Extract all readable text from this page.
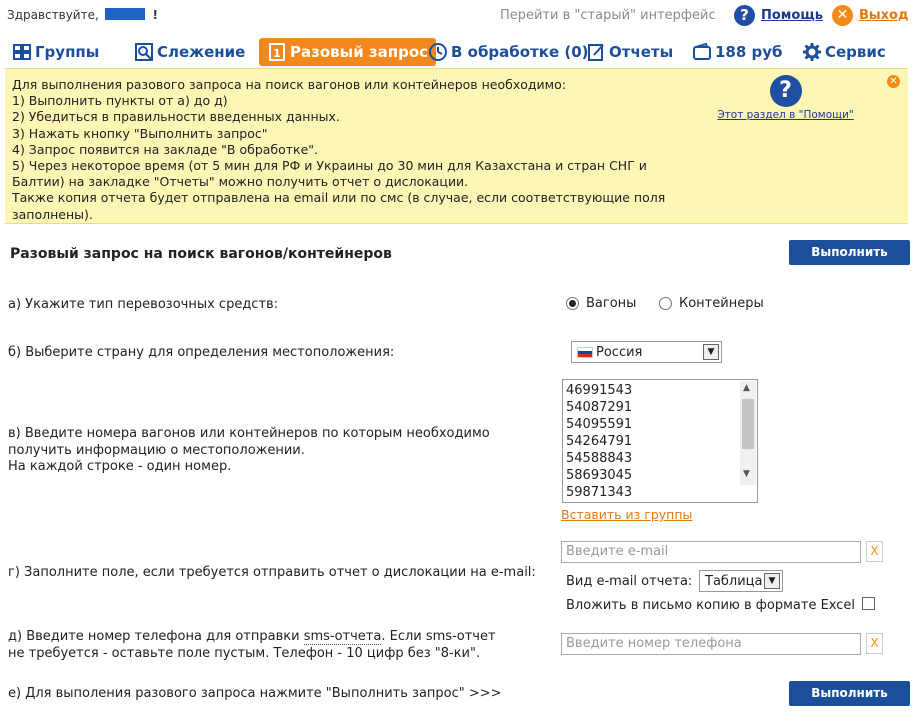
Здравствуйте,	!	Перейти в "старый" интерфейс	? Помощь ✕ Выход
Группы	Слежение	1 Разовый запрос В обработке (0) Отчеты	188 руб	Сервис
Для выполнения разового запроса на поиск вагонов или контейнеров необходимо:
1) Выполнить пункты от а) до д)
2) Убедиться в правильности введенных данных.
3) Нажать кнопку "Выполнить запрос"
4) Запрос появится на закладе "В обработке".
5) Через некоторое время (от 5 мин для РФ и Украины до 30 мин для Казахстана и стран СНГ и
Балтии) на закладке "Отчеты" можно получить отчет о дислокации.
Также копия отчета будет отправлена на email или по смс (в случае, если соответствующие поля
заполнены).
?
Этот раздел в "Помощи"
✕
Разовый запрос на поиск вагонов/контейнеров	Выполнить запрос
а) Укажите тип перевозочных средств:	Вагоны	Контейнеры
б) Выберите страну для определения местоположения:	Россия	▼
в) Введите номера вагонов или контейнеров по которым необходимо
получить информацию о местоположении.
На каждой строке - один номер.
46991543
54087291
54095591
54264791
54588843
58693045
59871343
▲
▼
Вставить из группы
г) Заполните поле, если требуется отправить отчет о дислокации на e-mail:
Введите e-mail	X
Вид e-mail отчета: Таблица ▼
Вложить в письмо копию в формате Excel
д) Введите номер телефона для отправки sms-отчета. Если sms-отчет
не требуется - оставьте поле пустым. Телефон - 10 цифр без "8-ки".
Введите номер телефона	X
е) Для выполения разового запроса нажмите "Выполнить запрос" >>>	Выполнить запрос
